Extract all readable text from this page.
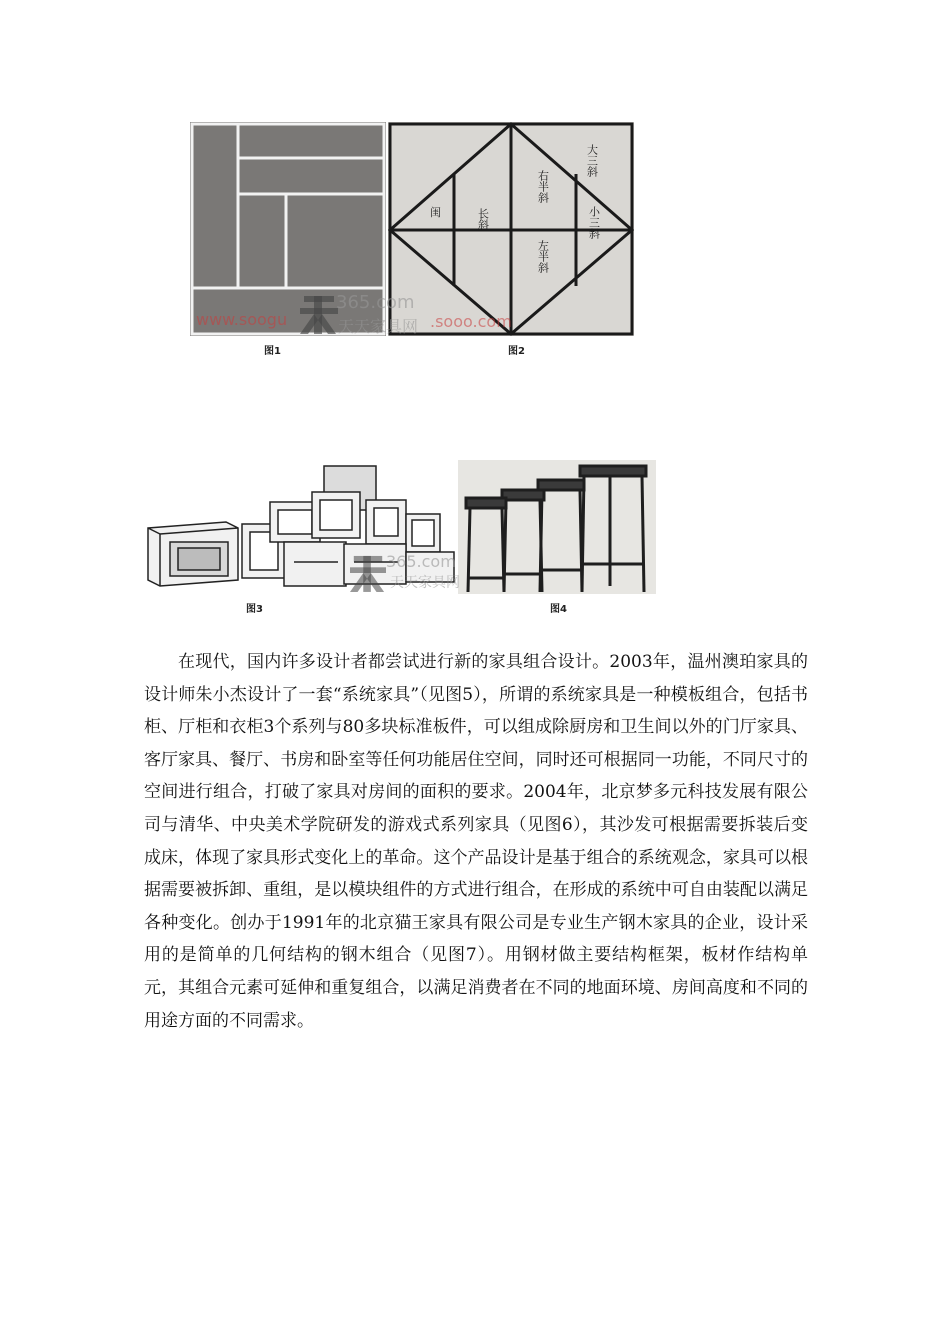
图1
大三斜
右半斜
闺	长斜	小三斜
左半斜
图2
www.soogu
365.com
天天家具网 .sooo.com
图3	图4
365.com
天天家具网

在现代，国内许多设计者都尝试进行新的家具组合设计。2003年，温州澳珀家具的设计师朱小杰设计了一套“系统家具”（见图5），所谓的系统家具是一种模板组合，包括书柜、厅柜和衣柜3个系列与80多块标准板件，可以组成除厨房和卫生间以外的门厅家具、客厅家具、餐厅、书房和卧室等任何功能居住空间，同时还可根据同一功能，不同尺寸的空间进行组合，打破了家具对房间的面积的要求。2004年，北京梦多元科技发展有限公司与清华、中央美术学院研发的游戏式系列家具（见图6），其沙发可根据需要拆装后变成床，体现了家具形式变化上的革命。这个产品设计是基于组合的系统观念，家具可以根据需要被拆卸、重组，是以模块组件的方式进行组合，在形成的系统中可自由装配以满足各种变化。创办于1991年的北京猫王家具有限公司是专业生产钢木家具的企业，设计采用的是简单的几何结构的钢木组合（见图7）。用钢材做主要结构框架，板材作结构单元，其组合元素可延伸和重复组合，以满足消费者在不同的地面环境、房间高度和不同的用途方面的不同需求。
